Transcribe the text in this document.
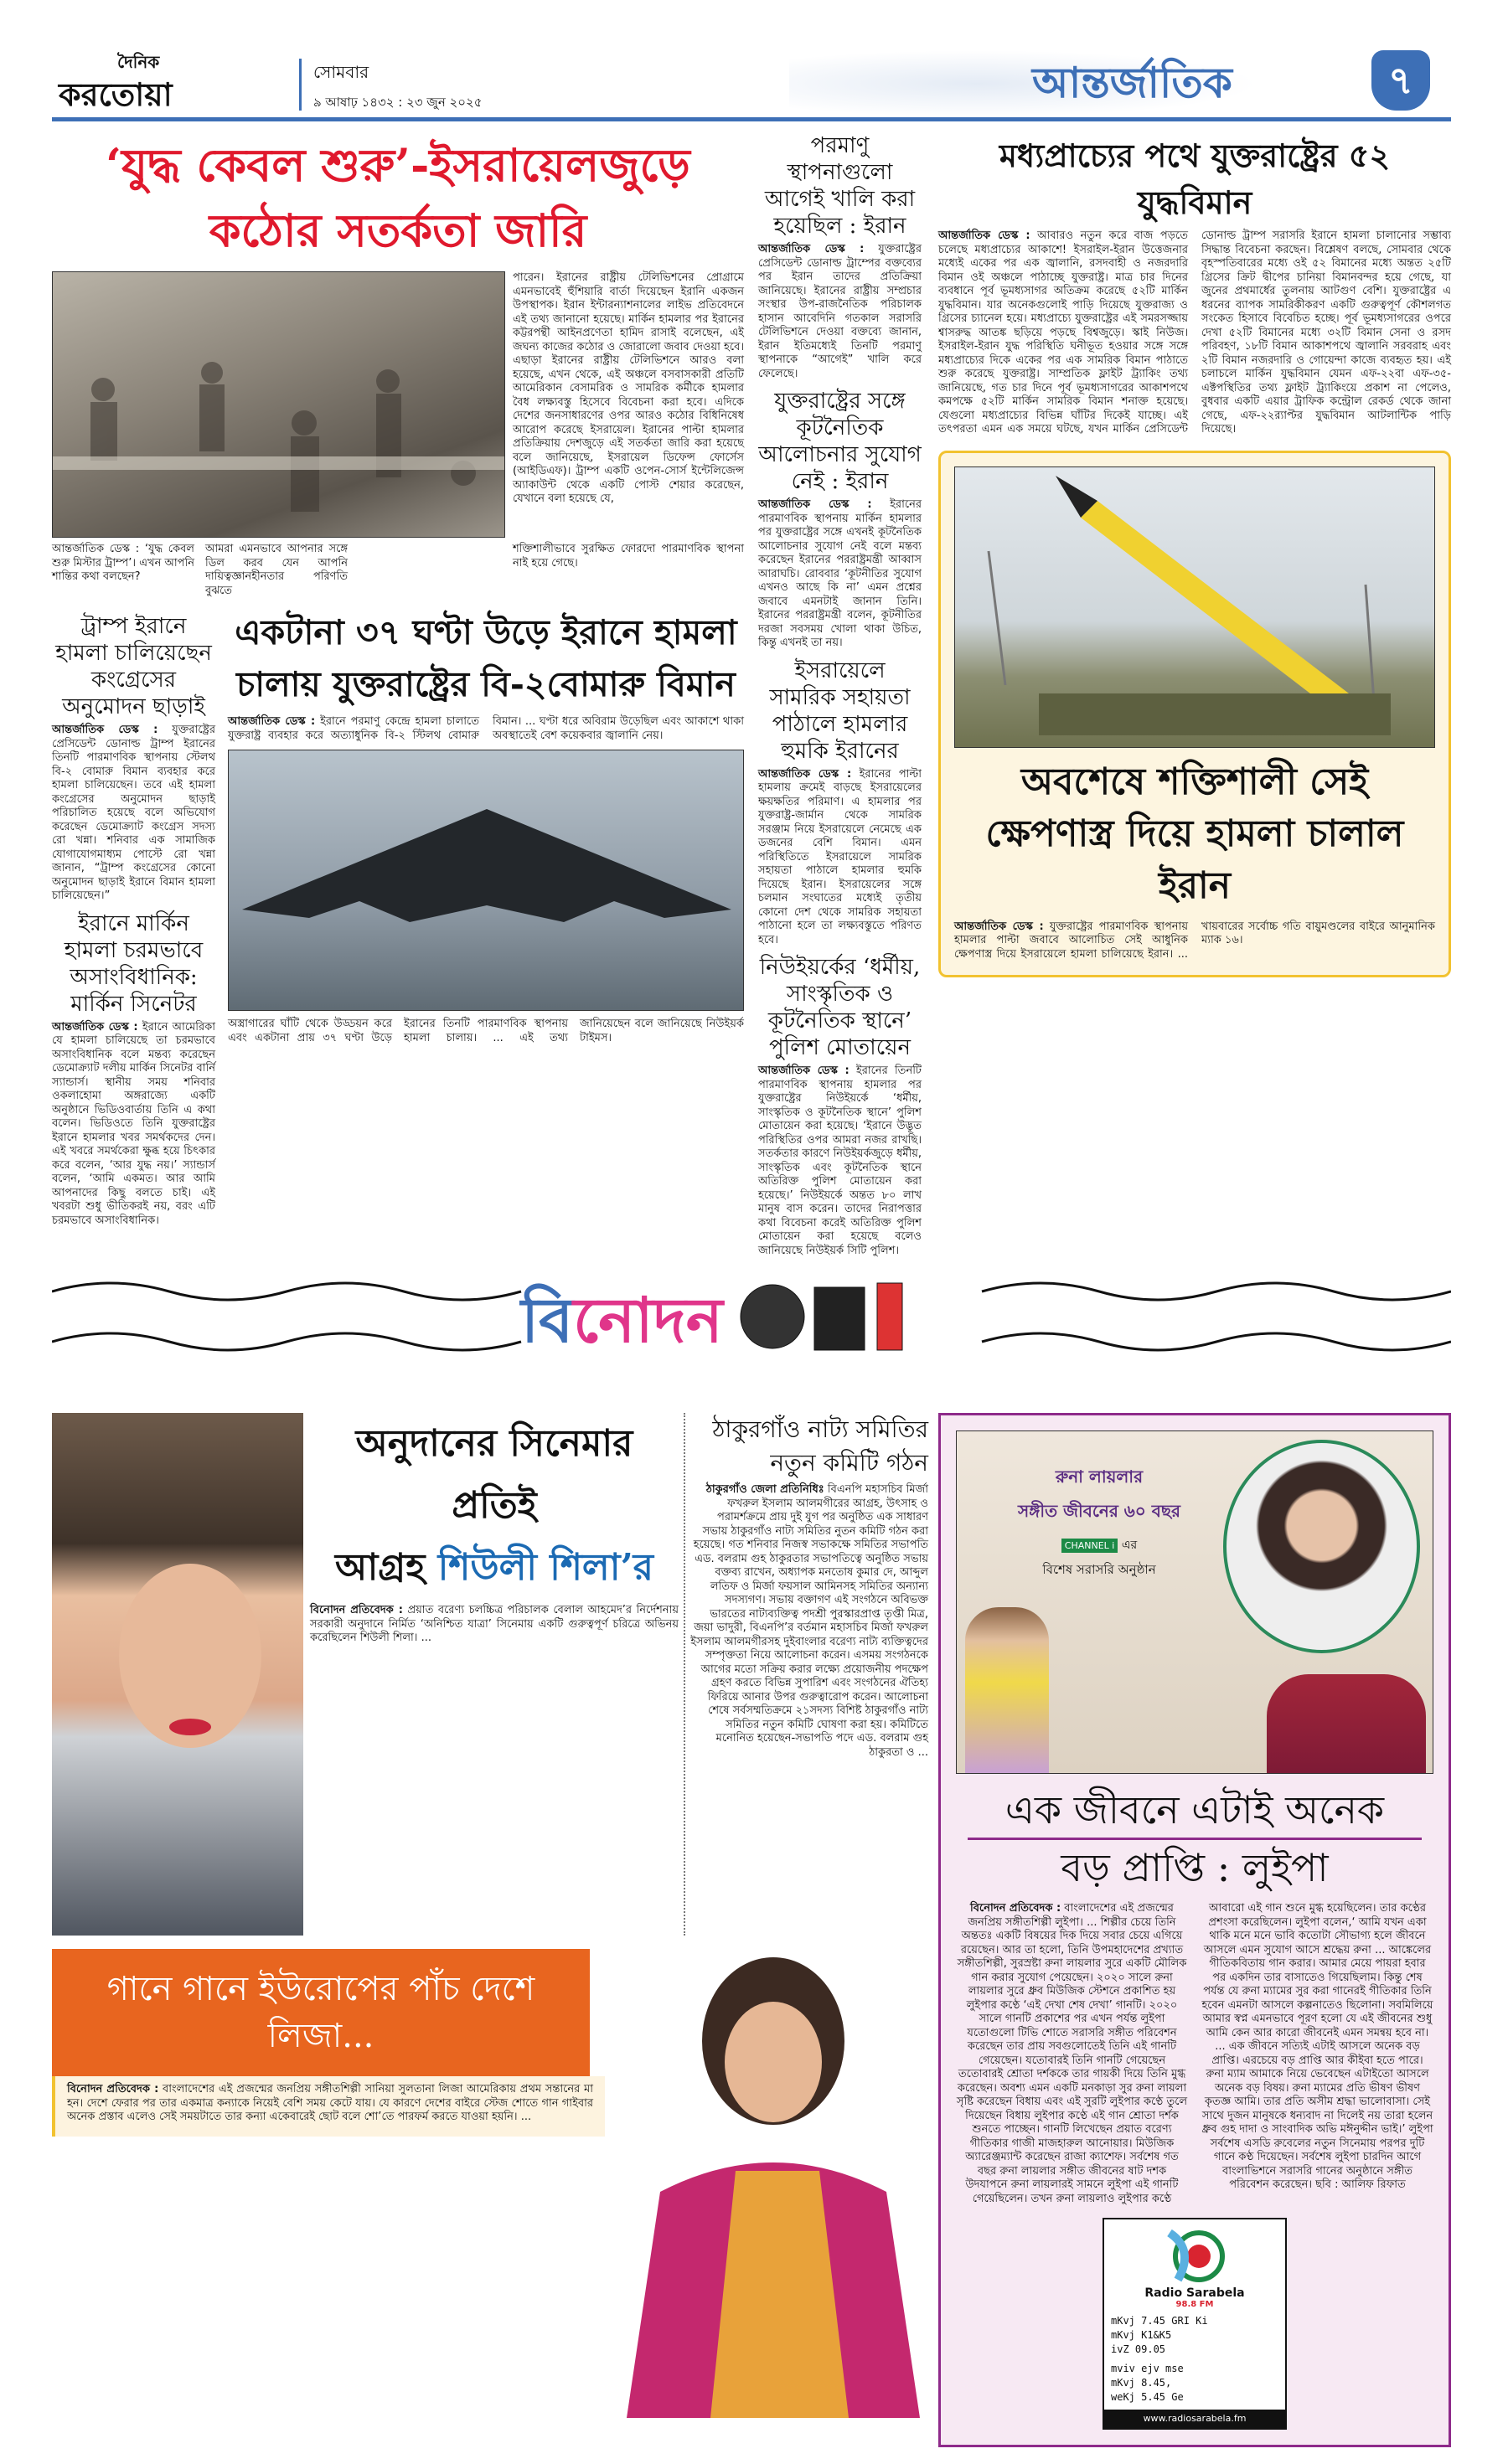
দৈনিক
করতোয়া
সোমবার
৯ আষাঢ় ১৪৩২ : ২৩ জুন ২০২৫	আন্তর্জাতিক	৭
‘যুদ্ধ কেবল শুরু’-ইসরায়েলজুড়ে
কঠোর সতর্কতা জারি
পারেন। ইরানের রাষ্ট্রীয় টেলিভিশনের প্রোগ্রামে এমনভাবেই হুঁশিয়ারি বার্তা দিয়েছেন ইরানি একজন উপস্থাপক। ইরান ইন্টারন্যাশনালের লাইভ প্রতিবেদনে এই তথ্য জানানো হয়েছে। মার্কিন হামলার পর ইরানের কট্টরপন্থী আইনপ্রণেতা হামিদ রাসাই বলেছেন, এই জঘন্য কাজের কঠোর ও জোরালো জবাব দেওয়া হবে। এছাড়া ইরানের রাষ্ট্রীয় টেলিভিশনে আরও বলা হয়েছে, এখন থেকে, এই অঞ্চলে বসবাসকারী প্রতিটি আমেরিকান বেসামরিক ও সামরিক কর্মীকে হামলার বৈধ লক্ষ্যবস্তু হিসেবে বিবেচনা করা হবে। এদিকে দেশের জনসাধারণের ওপর আরও কঠোর বিধিনিষেধ আরোপ করেছে ইসরায়েল। ইরানের পাল্টা হামলার প্রতিক্রিয়ায় দেশজুড়ে এই সতর্কতা জারি করা হয়েছে বলে জানিয়েছে, ইসরায়েল ডিফেন্স ফোর্সেস (আইডিএফ)। ট্রাম্প একটি ওপেন-সোর্স ইন্টেলিজেন্স অ্যাকাউন্ট থেকে একটি পোস্ট শেয়ার করেছেন, যেখানে বলা হয়েছে যে,
আন্তর্জাতিক ডেস্ক : ‘যুদ্ধ কেবল শুরু মিস্টার ট্রাম্প’। এখন আপনি শান্তির কথা বলছেন?
আমরা এমনভাবে আপনার সঙ্গে ডিল করব যেন আপনি দায়িত্বজ্ঞানহীনতার পরিণতি বুঝতে
শক্তিশালীভাবে সুরক্ষিত ফোরদো পারমাণবিক স্থাপনা নাই হয়ে গেছে।
ট্রাম্প ইরানে হামলা চালিয়েছেন কংগ্রেসের অনুমোদন ছাড়াই
আন্তর্জাতিক ডেস্ক : যুক্তরাষ্ট্রের প্রেসিডেন্ট ডোনাল্ড ট্রাম্প ইরানের তিনটি পারমাণবিক স্থাপনায় স্টেলথ বি-২ বোমারু বিমান ব্যবহার করে হামলা চালিয়েছেন। তবে এই হামলা কংগ্রেসের অনুমোদন ছাড়াই পরিচালিত হয়েছে বলে অভিযোগ করেছেন ডেমোক্র্যাট কংগ্রেস সদস্য রো খন্না। শনিবার এক সামাজিক যোগাযোগমাধ্যম পোস্টে রো খন্না জানান, “ট্রাম্প কংগ্রেসের কোনো অনুমোদন ছাড়াই ইরানে বিমান হামলা চালিয়েছেন।”
ইরানে মার্কিন হামলা চরমভাবে অসাংবিধানিক: মার্কিন সিনেটর
আন্তর্জাতিক ডেস্ক : ইরানে আমেরিকা যে হামলা চালিয়েছে তা চরমভাবে অসাংবিধানিক বলে মন্তব্য করেছেন ডেমোক্র্যাট দলীয় মার্কিন সিনেটর বার্নি স্যান্ডার্স। স্থানীয় সময় শনিবার ওকলাহোমা অঙ্গরাজ্যে একটি অনুষ্ঠানে ভিডিওবার্তায় তিনি এ কথা বলেন। ভিডিওতে তিনি যুক্তরাষ্ট্রের ইরানে হামলার খবর সমর্থকদের দেন। এই খবরে সমর্থকেরা ক্ষুব্ধ হয়ে চিৎকার করে বলেন, ‘আর যুদ্ধ নয়।’ স্যান্ডার্স বলেন, ‘আমি একমত। আর আমি আপনাদের কিছু বলতে চাই। এই খবরটা শুধু ভীতিকরই নয়, বরং এটি চরমভাবে অসাংবিধানিক।
একটানা ৩৭ ঘণ্টা উড়ে ইরানে হামলা
চালায় যুক্তরাষ্ট্রের বি-২বোমারু বিমান
আন্তর্জাতিক ডেস্ক : ইরানে পরমাণু কেন্দ্রে হামলা চালাতে যুক্তরাষ্ট্র ব্যবহার করে অত্যাধুনিক বি-২ স্টিলথ বোমারু বিমান। ... ঘণ্টা ধরে অবিরাম উড়েছিল এবং আকাশে থাকা অবস্থাতেই বেশ কয়েকবার জ্বালানি নেয়।
অস্ত্রাগারের ঘাঁটি থেকে উড্ডয়ন করে এবং একটানা প্রায় ৩৭ ঘণ্টা উড়ে ইরানের তিনটি পারমাণবিক স্থাপনায় হামলা চালায়। ... এই তথ্য জানিয়েছেন বলে জানিয়েছে নিউইয়র্ক টাইমস।
পরমাণু স্থাপনাগুলো আগেই খালি করা হয়েছিল : ইরান
আন্তর্জাতিক ডেস্ক : যুক্তরাষ্ট্রের প্রেসিডেন্ট ডোনাল্ড ট্রাম্পের বক্তব্যের পর ইরান তাদের প্রতিক্রিয়া জানিয়েছে। ইরানের রাষ্ট্রীয় সম্প্রচার সংস্থার উপ-রাজনৈতিক পরিচালক হাসান আবেদিনি গতকাল সরাসরি টেলিভিশনে দেওয়া বক্তব্যে জানান, ইরান ইতিমধ্যেই তিনটি পরমাণু স্থাপনাকে “আগেই” খালি করে ফেলেছে।
যুক্তরাষ্ট্রের সঙ্গে কূটনৈতিক আলোচনার সুযোগ নেই : ইরান
আন্তর্জাতিক ডেস্ক : ইরানের পারমাণবিক স্থাপনায় মার্কিন হামলার পর যুক্তরাষ্ট্রের সঙ্গে এখনই কূটনৈতিক আলোচনার সুযোগ নেই বলে মন্তব্য করেছেন ইরানের পররাষ্ট্রমন্ত্রী আব্বাস আরাঘচি। রোববার ‘কূটনীতির সুযোগ এখনও আছে কি না’ এমন প্রশ্নের জবাবে এমনটাই জানান তিনি। ইরানের পররাষ্ট্রমন্ত্রী বলেন, কূটনীতির দরজা সবসময় খোলা থাকা উচিত, কিন্তু এখনই তা নয়।
ইসরায়েলে সামরিক সহায়তা পাঠালে হামলার হুমকি ইরানের
আন্তর্জাতিক ডেস্ক : ইরানের পাল্টা হামলায় ক্রমেই বাড়ছে ইসরায়েলের ক্ষয়ক্ষতির পরিমাণ। এ হামলার পর যুক্তরাষ্ট্র-জার্মান থেকে সামরিক সরঞ্জাম নিয়ে ইসরায়েলে নেমেছে এক ডজনের বেশি বিমান। এমন পরিস্থিতিতে ইসরায়েলে সামরিক সহায়তা পাঠালে হামলার হুমকি দিয়েছে ইরান। ইসরায়েলের সঙ্গে চলমান সংঘাতের মধ্যেই তৃতীয় কোনো দেশ থেকে সামরিক সহায়তা পাঠানো হলে তা লক্ষ্যবস্তুতে পরিণত হবে।
নিউইয়র্কের ‘ধর্মীয়, সাংস্কৃতিক ও কূটনৈতিক স্থানে’ পুলিশ মোতায়েন
আন্তর্জাতিক ডেস্ক : ইরানের তিনটি পারমাণবিক স্থাপনায় হামলার পর যুক্তরাষ্ট্রের নিউইয়র্কে ‘ধর্মীয়, সাংস্কৃতিক ও কূটনৈতিক স্থানে’ পুলিশ মোতায়েন করা হয়েছে। ‘ইরানে উদ্ভূত পরিস্থিতির ওপর আমরা নজর রাখছি। সতর্কতার কারণে নিউইয়র্কজুড়ে ধর্মীয়, সাংস্কৃতিক এবং কূটনৈতিক স্থানে অতিরিক্ত পুলিশ মোতায়েন করা হয়েছে।’ নিউইয়র্কে অন্তত ৮০ লাখ মানুষ বাস করেন। তাদের নিরাপত্তার কথা বিবেচনা করেই অতিরিক্ত পুলিশ মোতায়েন করা হয়েছে বলেও জানিয়েছে নিউইয়র্ক সিটি পুলিশ।
মধ্যপ্রাচ্যের পথে যুক্তরাষ্ট্রের ৫২ যুদ্ধবিমান
আন্তর্জাতিক ডেস্ক : আবারও নতুন করে বাজ পড়তে চলেছে মধ্যপ্রাচ্যের আকাশে! ইসরাইল-ইরান উত্তেজনার মধ্যেই একের পর এক জ্বালানি, রসদবাহী ও নজরদারি বিমান ওই অঞ্চলে পাঠাচ্ছে যুক্তরাষ্ট্র। মাত্র চার দিনের ব্যবধানে পূর্ব ভূমধ্যসাগর অতিক্রম করেছে ৫২টি মার্কিন যুদ্ধবিমান। যার অনেকগুলোই পাড়ি দিয়েছে যুক্তরাজ্য ও গ্রিসের চ্যানেল হয়ে। মধ্যপ্রাচ্যে যুক্তরাষ্ট্রের এই সমরসজ্জায় শ্বাসরুদ্ধ আতঙ্ক ছড়িয়ে পড়ছে বিশ্বজুড়ে। স্কাই নিউজ। ইসরাইল-ইরান যুদ্ধ পরিস্থিতি ঘনীভূত হওয়ার সঙ্গে সঙ্গে মধ্যপ্রাচ্যের দিকে একের পর এক সামরিক বিমান পাঠাতে শুরু করেছে যুক্তরাষ্ট্র। সাম্প্রতিক ফ্লাইট ট্র্যাকিং তথ্য জানিয়েছে, গত চার দিনে পূর্ব ভূমধ্যসাগরের আকাশপথে কমপক্ষে ৫২টি মার্কিন সামরিক বিমান শনাক্ত হয়েছে। যেগুলো মধ্যপ্রাচ্যের বিভিন্ন ঘাঁটির দিকেই যাচ্ছে। এই তৎপরতা এমন এক সময়ে ঘটছে, যখন মার্কিন প্রেসিডেন্ট ডোনাল্ড ট্রাম্প সরাসরি ইরানে হামলা চালানোর সম্ভাব্য সিদ্ধান্ত বিবেচনা করছেন। বিশ্লেষণ বলছে, সোমবার থেকে বৃহস্পতিবারের মধ্যে ওই ৫২ বিমানের মধ্যে অন্তত ২৫টি গ্রিসের ক্রিট দ্বীপের চানিয়া বিমানবন্দর হয়ে গেছে, যা জুনের প্রথমার্ধের তুলনায় আটগুণ বেশি। যুক্তরাষ্ট্রের এ ধরনের ব্যাপক সামরিকীকরণ একটি গুরুত্বপূর্ণ কৌশলগত সংকেত হিসাবে বিবেচিত হচ্ছে। পূর্ব ভূমধ্যসাগরের ওপরে দেখা ৫২টি বিমানের মধ্যে ৩২টি বিমান সেনা ও রসদ পরিবহণ, ১৮টি বিমান আকাশপথে জ্বালানি সরবরাহ এবং ২টি বিমান নজরদারি ও গোয়েন্দা কাজে ব্যবহৃত হয়। এই চলাচলে মার্কিন যুদ্ধবিমান যেমন এফ-২২বা এফ-৩৫-এক্টপস্থিতির তথ্য ফ্লাইট ট্র্যাকিংয়ে প্রকাশ না পেলেও, বুধবার একটি এয়ার ট্রাফিক কন্ট্রোল রেকর্ড থেকে জানা গেছে, এফ-২২র‍্যাপ্টর যুদ্ধবিমান আটলান্টিক পাড়ি দিয়েছে।
অবশেষে শক্তিশালী সেই ক্ষেপণাস্ত্র দিয়ে হামলা চালাল ইরান
আন্তর্জাতিক ডেস্ক : যুক্তরাষ্ট্রের পারমাণবিক স্থাপনায় হামলার পাল্টা জবাবে আলোচিত সেই আধুনিক ক্ষেপণাস্ত্র দিয়ে ইসরায়েলে হামলা চালিয়েছে ইরান। ... খায়বারের সর্বোচ্চ গতি বায়ুমণ্ডলের বাইরে আনুমানিক ম্যাক ১৬।
বিনোদন
অনুদানের সিনেমার প্রতিই
আগ্রহ শিউলী শিলা’র
বিনোদন প্রতিবেদক : প্রয়াত বরেণ্য চলচ্চিত্র পরিচালক বেলাল আহমেদ’র নির্দেশনায় সরকারী অনুদানে নির্মিত ‘অনিশ্চিত যাত্রা’ সিনেমায় একটি গুরুত্বপূর্ণ চরিত্রে অভিনয় করেছিলেন শিউলী শিলা। ...
ঠাকুরগাঁও নাট্য সমিতির নতুন কমিটি গঠন
ঠাকুরগাঁও জেলা প্রতিনিধিঃ বিএনপি মহাসচিব মির্জা ফখরুল ইসলাম আলমগীরের আগ্রহ, উৎসাহ ও পরামর্শক্রমে প্রায় দুই যুগ পর অনুষ্ঠিত এক সাধারণ সভায় ঠাকুরগাঁও নাট্য সমিতির নুতন কমিটি গঠন করা হয়েছে। গত শনিবার নিজস্ব সভাকক্ষে সমিতির সভাপতি এড. বলরাম গুহ ঠাকুরতার সভাপতিত্বে অনুষ্ঠিত সভায় বক্তব্য রাখেন, অধ্যাপক মনতোষ কুমার দে, আব্দুল লতিফ ও মির্জা ফয়সাল আমিনসহ সমিতির অন্যান্য সদস্যগণ। সভায় বক্তাগণ এই সংগঠনে অবিভক্ত ভারতের নাট্যব্যক্তিত্ব পদশ্রী পুরস্কারপ্রাপ্ত তৃপ্তী মিত্র, জয়া ভাদুরী, বিএনপি’র বর্তমান মহাসচিব মির্জা ফখরুল ইসলাম আলমগীরসহ দুইবাংলার বরেণ্য নাট্য ব্যক্তিত্বদের সম্পৃক্ততা নিয়ে আলোচনা করেন। এসময় সংগঠনকে আগের মতো সক্রিয় করার লক্ষ্যে প্রয়োজনীয় পদক্ষেপ গ্রহণ করতে বিভিন্ন সুপারিশ এবং সংগঠনের ঐতিহ্য ফিরিয়ে আনার উপর গুরুত্বারোপ করেন। আলোচনা শেষে সর্বসম্মতিক্রমে ২১সদস্য বিশিষ্ট ঠাকুরগাঁও নাট্য সমিতির নতুন কমিটি ঘোষণা করা হয়। কমিটিতে মনোনিত হয়েছেন-সভাপতি পদে এড. বলরাম গুহ ঠাকুরতা ও ...
গানে গানে ইউরোপের পাঁচ দেশে লিজা...
বিনোদন প্রতিবেদক : বাংলাদেশের এই প্রজন্মের জনপ্রিয় সঙ্গীতশিল্পী সানিয়া সুলতানা লিজা আমেরিকায় প্রথম সন্তানের মা হন। দেশে ফেরার পর তার একমাত্র কন্যাকে নিয়েই বেশি সময় কেটে যায়। যে কারণে দেশের বাইরে স্টেজ শোতে গান গাইবার অনেক প্রস্তাব এলেও সেই সময়টাতে তার কন্যা একেবারেই ছোট বলে শো’তে পারফর্ম করতে যাওয়া হয়নি। ...
রুনা লায়লার
সঙ্গীত জীবনের ৬০ বছর
CHANNEL i এর
বিশেষ সরাসরি অনুষ্ঠান
এক জীবনে এটাই অনেক
বড় প্রাপ্তি : লুইপা
বিনোদন প্রতিবেদক : বাংলাদেশের এই প্রজন্মের জনপ্রিয় সঙ্গীতশিল্পী লুইপা। ... শিল্পীর চেয়ে তিনি অন্ততঃ একটি বিষয়ের দিক দিয়ে সবার চেয়ে এগিয়ে রয়েছেন। আর তা হলো, তিনি উপমহাদেশের প্রখ্যাত সঙ্গীতশিল্পী, সুরস্রষ্টা রুনা লায়লার সুরে একটি মৌলিক গান করার সুযোগ পেয়েছেন। ২০২০ সালে রুনা লায়লার সুরে ধ্রুব মিউজিক স্টেশনে প্রকাশিত হয় লুইপার কণ্ঠে ‘এই দেখা শেষ দেখা’ গানটি। ২০২০ সালে গানটি প্রকাশের পর এখন পর্যন্ত লুইপা যতোগুলো টিভি শোতে সরাসরি সঙ্গীত পরিবেশন করেছেন তার প্রায় সবগুলোতেই তিনি এই গানটি গেয়েছেন। যতোবারই তিনি গানটি গেয়েছেন ততোবারই শ্রোতা দর্শককে তার গায়কী দিয়ে তিনি মুগ্ধ করেছেন। অবশ্য এমন একটি মনকাড়া সুর রুনা লায়লা সৃষ্টি করেছেন বিধায় এবং এই সুরটি লুইপার কণ্ঠে তুলে দিয়েছেন বিধায় লুইপার কণ্ঠে এই গান শ্রোতা দর্শক শুনতে পাচ্ছেন। গানটি লিখেছেন প্রয়াত বরেণ্য গীতিকার গাজী মাজহারুল আনোয়ার। মিউজিক অ্যারেঞ্জম্যান্ট করেছেন রাজা ক্যাশেফ। সর্বশেষ গত বছর রুনা লায়লার সঙ্গীত জীবনের ষাট দশক উদযাপনে রুনা লায়লারই সামনে লুইপা এই গানটি গেয়েছিলেন। তখন রুনা লায়লাও লুইপার কণ্ঠে আবারো এই গান শুনে মুগ্ধ হয়েছিলেন। তার কণ্ঠের প্রশংসা করেছিলেন। লুইপা বলেন,‘ আমি যখন একা থাকি মনে মনে ভাবি কতোটা সৌভাগ্য হলে জীবনে আসলে এমন সুযোগ আসে শ্রদ্ধেয় রুনা ... আঙ্কেলের গীতিকবিতায় গান করার। আমার মেয়ে পায়রা হবার পর একদিন তার বাসাতেও গিয়েছিলাম। কিন্তু শেষ পর্যন্ত যে রুনা ম্যামের সুর করা গানেরই গীতিকার তিনি হবেন এমনটা আসলে কল্পনাতেও ছিলোনা। সবমিলিয়ে আমার স্বপ্ন এমনভাবে পূরণ হলো যে এই জীবনের শুধু আমি কেন আর কারো জীবনেই এমন সমন্বয় হবে না। ... এক জীবনে সত্যিই এটাই আসলে অনেক বড় প্রাপ্তি। এরচেয়ে বড় প্রাপ্তি আর কীইবা হতে পারে। রুনা ম্যাম আমাকে নিয়ে ভেবেছেন এটাইতো আসলে অনেক বড় বিষয়। রুনা ম্যামের প্রতি ভীষণ ভীষণ কৃতজ্ঞ আমি। তার প্রতি অসীম শ্রদ্ধা ভালোবাসা। সেই সাথে দুজন মানুষকে ধন্যবাদ না দিলেই নয় তারা হলেন ধ্রুব গুহ দাদা ও সাংবাদিক অভি মঈনুদ্দীন ভাই।’ লুইপা সর্বশেষ এসডি রুবেলের নতুন সিনেমায় পরপর দুটি গানে কণ্ঠ দিয়েছেন। সর্বশেষ লুইপা চারদিন আগে বাংলাভিশনে সরাসরি গানের অনুষ্ঠানে সঙ্গীত পরিবেশন করেছেন। ছবি : আলিফ রিফাত
Radio Sarabela
98.8 FM
mKvj 7.45 GRI Ki
mKvj K1&K5
ivZ 09.05
mviv ejv mse
mKvj 8.45,
weKj 5.45 Ge
www.radiosarabela.fm
